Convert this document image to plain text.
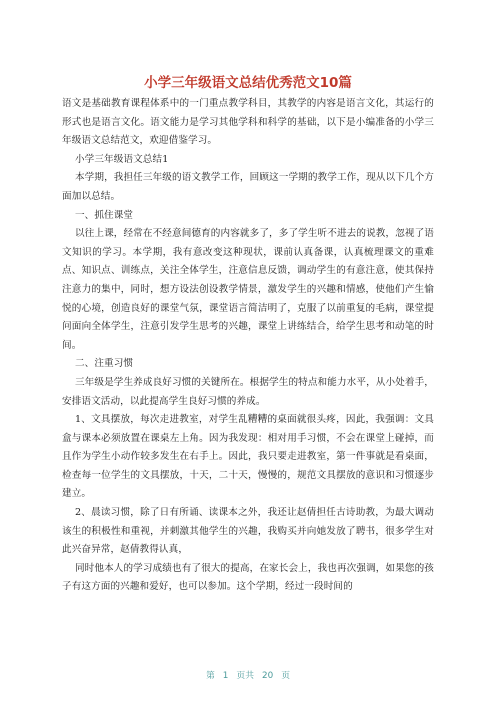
小学三年级语文总结优秀范文10篇

语文是基础教育课程体系中的一门重点教学科目，其教学的内容是语言文化，其运行的形式也是语言文化。语文能力是学习其他学科和科学的基础，以下是小编准备的小学三年级语文总结范文，欢迎借鉴学习。

小学三年级语文总结1

本学期，我担任三年级的语文教学工作，回顾这一学期的教学工作，现从以下几个方面加以总结。

一、抓住课堂

以往上课，经常在不经意间德育的内容就多了，多了学生听不进去的说教，忽视了语文知识的学习。本学期，我有意改变这种现状，课前认真备课，认真梳理课文的重难点、知识点、训练点，关注全体学生，注意信息反馈，调动学生的有意注意，使其保持注意力的集中，同时，想方设法创设教学情景，激发学生的兴趣和情感，使他们产生愉悦的心境，创造良好的课堂气氛，课堂语言简洁明了，克服了以前重复的毛病，课堂提问面向全体学生，注意引发学生思考的兴趣，课堂上讲练结合，给学生思考和动笔的时间。

二、注重习惯

三年级是学生养成良好习惯的关键所在。根据学生的特点和能力水平，从小处着手，安排语文活动，以此提高学生良好习惯的养成。

1、文具摆放，每次走进教室，对学生乱糟糟的桌面就很头疼，因此，我强调：文具盒与课本必须放置在课桌左上角。因为我发现：相对用手习惯，不会在课堂上碰掉，而且作为学生小动作较多发生在右手上。因此，我只要走进教室，第一件事就是看桌面，检查每一位学生的文具摆放，十天，二十天，慢慢的，规范文具摆放的意识和习惯逐步建立。

2、晨读习惯，除了日有所诵、读课本之外，我还让赵倩担任古诗助教，为最大调动该生的积极性和重视，并刺激其他学生的兴趣，我购买并向她发放了聘书，很多学生对此兴奋异常，赵倩教得认真，

同时他本人的学习成绩也有了很大的提高，在家长会上，我也再次强调，如果您的孩子有这方面的兴趣和爱好，也可以参加。这个学期，经过一段时间的

第 1 页共 20 页
